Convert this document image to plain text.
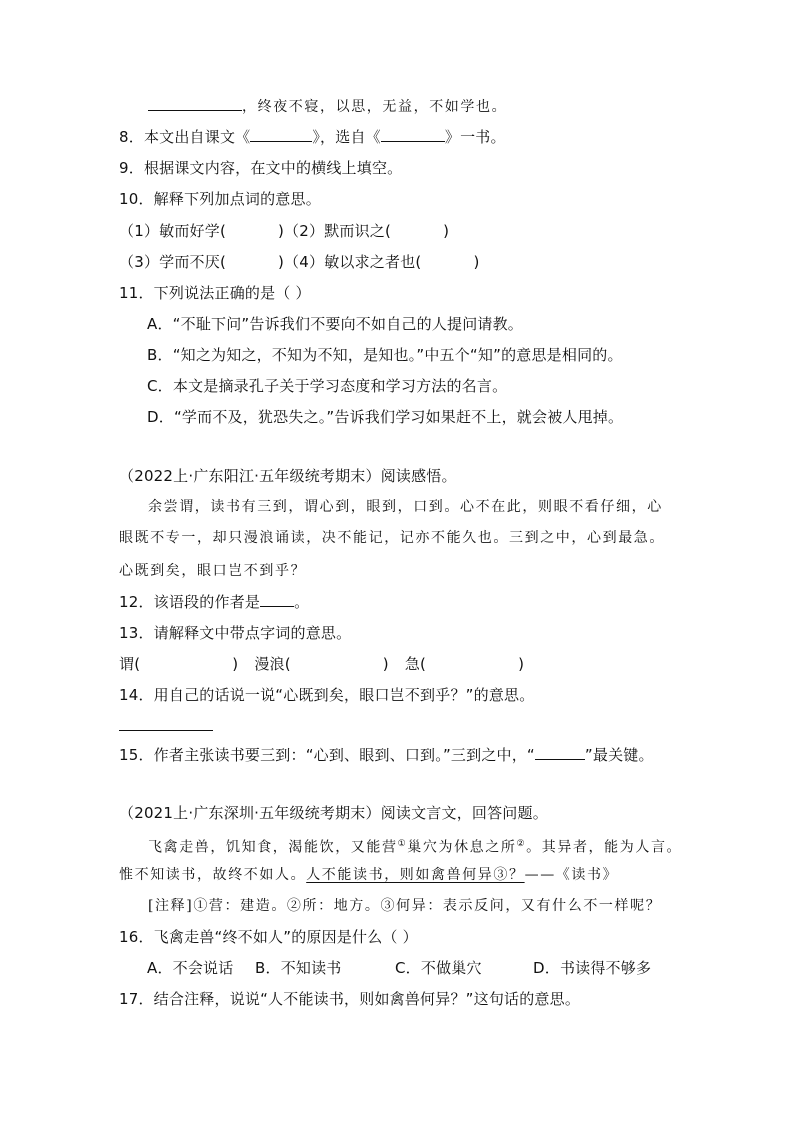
，终夜不寝，以思，无益，不如学也。
8．本文出自课文《	》，选自《	》一书。
9．根据课文内容，在文中的横线上填空。
10．解释下列加点词的意思。
（1）敏而好学(	)（2）默而识之(	)
（3）学而不厌(	)（4）敏以求之者也(	)
11．下列说法正确的是（ ）
A．“不耻下问”告诉我们不要向不如自己的人提问请教。
B．“知之为知之，不知为不知，是知也。”中五个“知”的意思是相同的。
C．本文是摘录孔子关于学习态度和学习方法的名言。
D．“学而不及，犹恐失之。”告诉我们学习如果赶不上，就会被人甩掉。
（2022上·广东阳江·五年级统考期末）阅读感悟。
余尝谓，读书有三到，谓心到，眼到，口到。心不在此，则眼不看仔细，心
眼既不专一，却只漫浪诵读，决不能记，记亦不能久也。三到之中，心到最急。
心既到矣，眼口岂不到乎？
12．该语段的作者是 。
13．请解释文中带点字词的意思。
谓(	) 漫浪(	) 急(	)
14．用自己的话说一说“心既到矣，眼口岂不到乎？”的意思。
15．作者主张读书要三到：“心到、眼到、口到。”三到之中，“	”最关键。
（2021上·广东深圳·五年级统考期末）阅读文言文，回答问题。
飞禽走兽，饥知食，渴能饮，又能营①巢穴为休息之所②。其异者，能为人言。
惟不知读书，故终不如人。人不能读书，则如禽兽何异③？——《读书》
[注释]①营：建造。②所：地方。③何异：表示反问，又有什么不一样呢？
16．飞禽走兽“终不如人”的原因是什么（ ）
A．不会说话 B．不知读书	C．不做巢穴	D．书读得不够多
17．结合注释，说说“人不能读书，则如禽兽何异？”这句话的意思。
